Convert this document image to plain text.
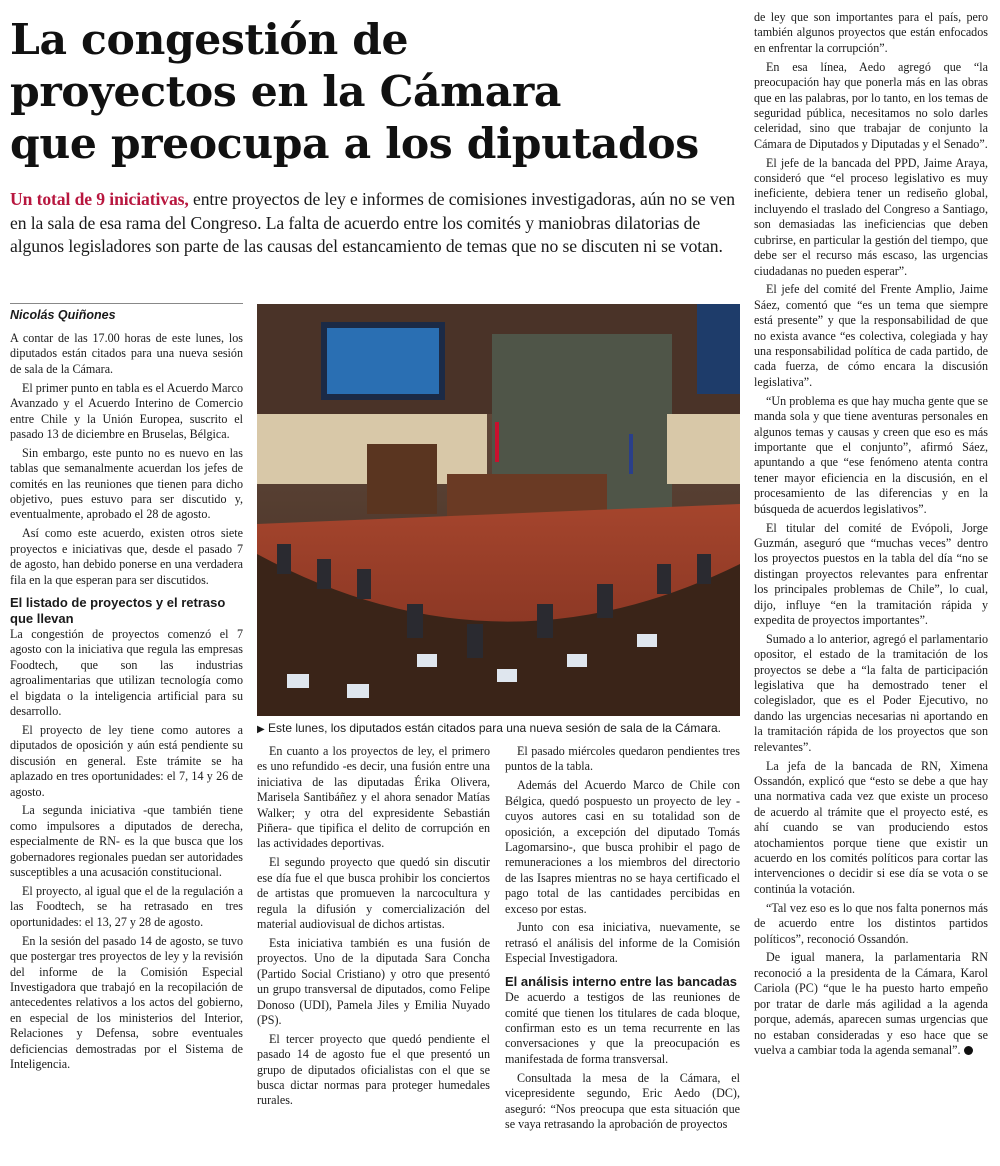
La congestión de
proyectos en la Cámara
que preocupa a los diputados

Un total de 9 iniciativas, entre proyectos de ley e informes de comisiones investigadoras, aún no se ven en la sala de esa rama del Congreso. La falta de acuerdo entre los comités y maniobras dilatorias de algunos legisladores son parte de las causas del estancamiento de temas que no se discuten ni se votan.

Nicolás Quiñones

A contar de las 17.00 horas de este lunes, los diputados están citados para una nueva sesión de sala de la Cámara.

El primer punto en tabla es el Acuerdo Marco Avanzado y el Acuerdo Interino de Comercio entre Chile y la Unión Europea, suscrito el pasado 13 de diciembre en Bruselas, Bélgica.

Sin embargo, este punto no es nuevo en las tablas que semanalmente acuerdan los jefes de comités en las reuniones que tienen para dicho objetivo, pues estuvo para ser discutido y, eventualmente, aprobado el 28 de agosto.

Así como este acuerdo, existen otros siete proyectos e iniciativas que, desde el pasado 7 de agosto, han debido ponerse en una verdadera fila en la que esperan para ser discutidos.

El listado de proyectos y el retraso que llevan

La congestión de proyectos comenzó el 7 agosto con la iniciativa que regula las empresas Foodtech, que son las industrias agroalimentarias que utilizan tecnología como el bigdata o la inteligencia artificial para su desarrollo.

El proyecto de ley tiene como autores a diputados de oposición y aún está pendiente su discusión en general. Este trámite se ha aplazado en tres oportunidades: el 7, 14 y 26 de agosto.

La segunda iniciativa -que también tiene como impulsores a diputados de derecha, especialmente de RN- es la que busca que los gobernadores regionales puedan ser autoridades susceptibles a una acusación constitucional.

El proyecto, al igual que el de la regulación a las Foodtech, se ha retrasado en tres oportunidades: el 13, 27 y 28 de agosto.

En la sesión del pasado 14 de agosto, se tuvo que postergar tres proyectos de ley y la revisión del informe de la Comisión Especial Investigadora que trabajó en la recopilación de antecedentes relativos a los actos del gobierno, en especial de los ministerios del Interior, Relaciones y Defensa, sobre eventuales deficiencias demostradas por el Sistema de Inteligencia.

▶ Este lunes, los diputados están citados para una nueva sesión de sala de la Cámara.

En cuanto a los proyectos de ley, el primero es uno refundido -es decir, una fusión entre una iniciativa de las diputadas Érika Olivera, Marisela Santibáñez y el ahora senador Matías Walker; y otra del expresidente Sebastián Piñera- que tipifica el delito de corrupción en las actividades deportivas.

El segundo proyecto que quedó sin discutir ese día fue el que busca prohibir los conciertos de artistas que promueven la narcocultura y regula la difusión y comercialización del material audiovisual de dichos artistas.

Esta iniciativa también es una fusión de proyectos. Uno de la diputada Sara Concha (Partido Social Cristiano) y otro que presentó un grupo transversal de diputados, como Felipe Donoso (UDI), Pamela Jiles y Emilia Nuyado (PS).

El tercer proyecto que quedó pendiente el pasado 14 de agosto fue el que presentó un grupo de diputados oficialistas con el que se busca dictar normas para proteger humedales rurales.

El pasado miércoles quedaron pendientes tres puntos de la tabla.

Además del Acuerdo Marco de Chile con Bélgica, quedó pospuesto un proyecto de ley -cuyos autores casi en su totalidad son de oposición, a excepción del diputado Tomás Lagomarsino-, que busca prohibir el pago de remuneraciones a los miembros del directorio de las Isapres mientras no se haya certificado el pago total de las cantidades percibidas en exceso por estas.

Junto con esa iniciativa, nuevamente, se retrasó el análisis del informe de la Comisión Especial Investigadora.

El análisis interno entre las bancadas

De acuerdo a testigos de las reuniones de comité que tienen los titulares de cada bloque, confirman esto es un tema recurrente en las conversaciones y que la preocupación es manifestada de forma transversal.

Consultada la mesa de la Cámara, el vicepresidente segundo, Eric Aedo (DC), aseguró: “Nos preocupa que esta situación que se vaya retrasando la aprobación de proyectos

de ley que son importantes para el país, pero también algunos proyectos que están enfocados en enfrentar la corrupción”.

En esa línea, Aedo agregó que “la preocupación hay que ponerla más en las obras que en las palabras, por lo tanto, en los temas de seguridad pública, necesitamos no solo darles celeridad, sino que trabajar de conjunto la Cámara de Diputados y Diputadas y el Senado”.

El jefe de la bancada del PPD, Jaime Araya, consideró que “el proceso legislativo es muy ineficiente, debiera tener un rediseño global, incluyendo el traslado del Congreso a Santiago, son demasiadas las ineficiencias que deben cubrirse, en particular la gestión del tiempo, que debe ser el recurso más escaso, las urgencias ciudadanas no pueden esperar”.

El jefe del comité del Frente Amplio, Jaime Sáez, comentó que “es un tema que siempre está presente” y que la responsabilidad de que no exista avance “es colectiva, colegiada y hay una responsabilidad política de cada partido, de cada fuerza, de cómo encara la discusión legislativa”.

“Un problema es que hay mucha gente que se manda sola y que tiene aventuras personales en algunos temas y causas y creen que eso es más importante que el conjunto”, afirmó Sáez, apuntando a que “ese fenómeno atenta contra tener mayor eficiencia en la discusión, en el procesamiento de las diferencias y en la búsqueda de acuerdos legislativos”.

El titular del comité de Evópoli, Jorge Guzmán, aseguró que “muchas veces” dentro los proyectos puestos en la tabla del día “no se distingan proyectos relevantes para enfrentar los principales problemas de Chile”, lo cual, dijo, influye “en la tramitación rápida y expedita de proyectos importantes”.

Sumado a lo anterior, agregó el parlamentario opositor, el estado de la tramitación de los proyectos se debe a “la falta de participación legislativa que ha demostrado tener el colegislador, que es el Poder Ejecutivo, no dando las urgencias necesarias ni aportando en la tramitación rápida de los proyectos que son relevantes”.

La jefa de la bancada de RN, Ximena Ossandón, explicó que “esto se debe a que hay una normativa cada vez que existe un proceso de acuerdo al trámite que el proyecto esté, es ahí cuando se van produciendo estos atochamientos porque tiene que existir un acuerdo en los comités políticos para cortar las intervenciones o decidir si ese día se vota o se continúa la votación.

“Tal vez eso es lo que nos falta ponernos más de acuerdo entre los distintos partidos políticos”, reconoció Ossandón.

De igual manera, la parlamentaria RN reconoció a la presidenta de la Cámara, Karol Cariola (PC) “que le ha puesto harto empeño por tratar de darle más agilidad a la agenda porque, además, aparecen sumas urgencias que no estaban consideradas y eso hace que se vuelva a cambiar toda la agenda semanal”.
